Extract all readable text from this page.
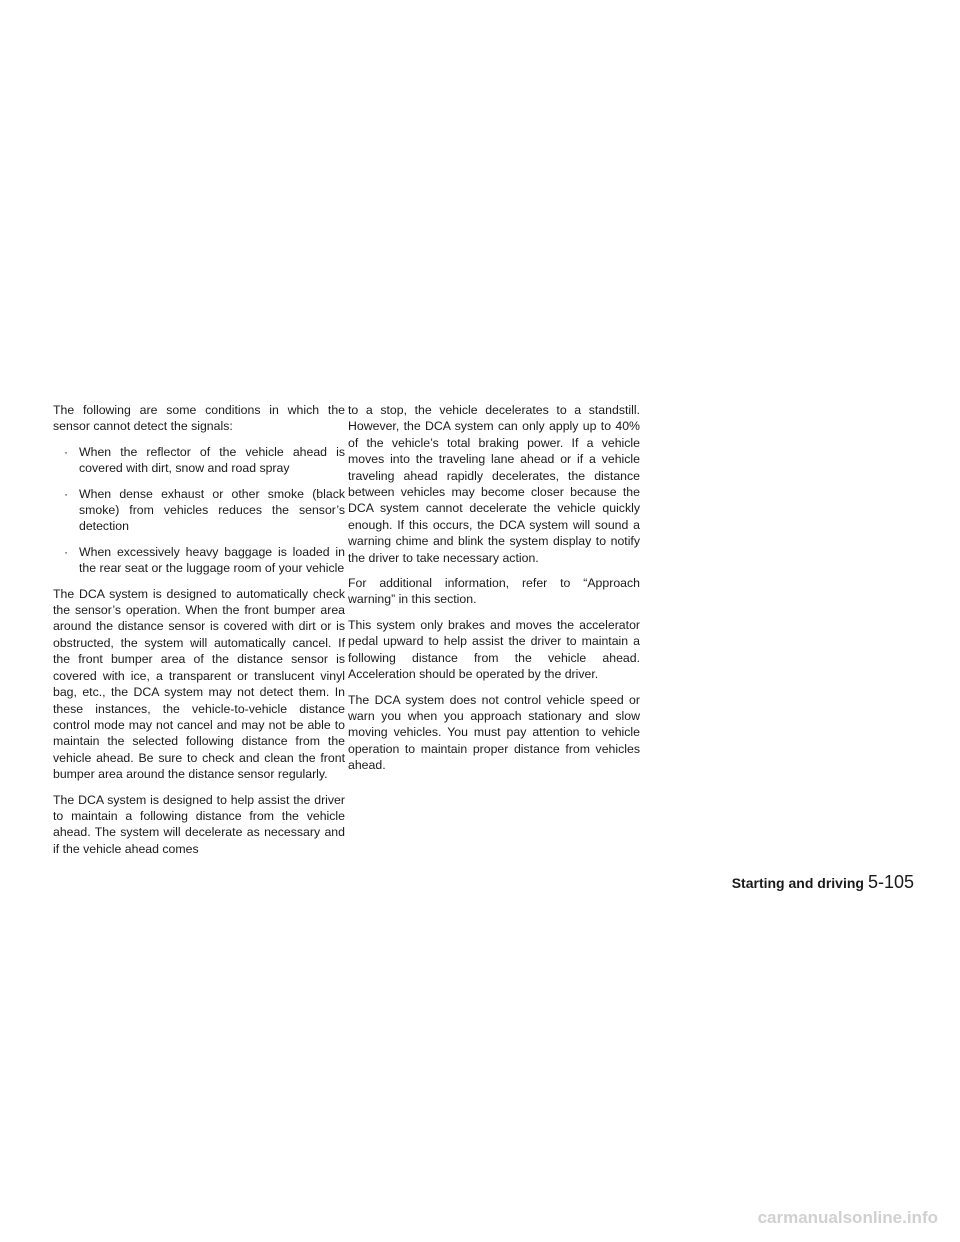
The following are some conditions in which the sensor cannot detect the signals:

· When the reflector of the vehicle ahead is covered with dirt, snow and road spray
· When dense exhaust or other smoke (black smoke) from vehicles reduces the sensor’s detection
· When excessively heavy baggage is loaded in the rear seat or the luggage room of your vehicle

The DCA system is designed to automatically check the sensor’s operation. When the front bumper area around the distance sensor is covered with dirt or is obstructed, the system will automatically cancel. If the front bumper area of the distance sensor is covered with ice, a transparent or translucent vinyl bag, etc., the DCA system may not detect them. In these instances, the vehicle-to-vehicle distance control mode may not cancel and may not be able to maintain the selected following distance from the vehicle ahead. Be sure to check and clean the front bumper area around the distance sensor regularly.

The DCA system is designed to help assist the driver to maintain a following distance from the vehicle ahead. The system will decelerate as necessary and if the vehicle ahead comes

to a stop, the vehicle decelerates to a standstill. However, the DCA system can only apply up to 40% of the vehicle’s total braking power. If a vehicle moves into the traveling lane ahead or if a vehicle traveling ahead rapidly decelerates, the distance between vehicles may become closer because the DCA system cannot decelerate the vehicle quickly enough. If this occurs, the DCA system will sound a warning chime and blink the system display to notify the driver to take necessary action.

For additional information, refer to “Approach warning” in this section.

This system only brakes and moves the accelerator pedal upward to help assist the driver to maintain a following distance from the vehicle ahead. Acceleration should be operated by the driver.

The DCA system does not control vehicle speed or warn you when you approach stationary and slow moving vehicles. You must pay attention to vehicle operation to maintain proper distance from vehicles ahead.

Starting and driving 5-105
carmanualsonline.info
